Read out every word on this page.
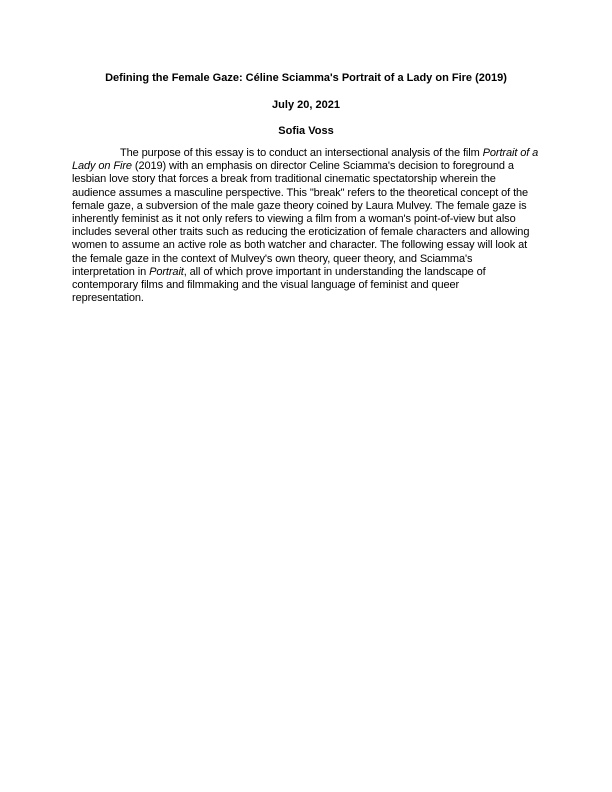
Defining the Female Gaze: Céline Sciamma's Portrait of a Lady on Fire (2019)

July 20, 2021

Sofia Voss

The purpose of this essay is to conduct an intersectional analysis of the film Portrait of a
Lady on Fire (2019) with an emphasis on director Celine Sciamma's decision to foreground a
lesbian love story that forces a break from traditional cinematic spectatorship wherein the
audience assumes a masculine perspective. This "break" refers to the theoretical concept of the
female gaze, a subversion of the male gaze theory coined by Laura Mulvey. The female gaze is
inherently feminist as it not only refers to viewing a film from a woman's point-of-view but also
includes several other traits such as reducing the eroticization of female characters and allowing
women to assume an active role as both watcher and character. The following essay will look at
the female gaze in the context of Mulvey's own theory, queer theory, and Sciamma's
interpretation in Portrait, all of which prove important in understanding the landscape of
contemporary films and filmmaking and the visual language of feminist and queer
representation.
